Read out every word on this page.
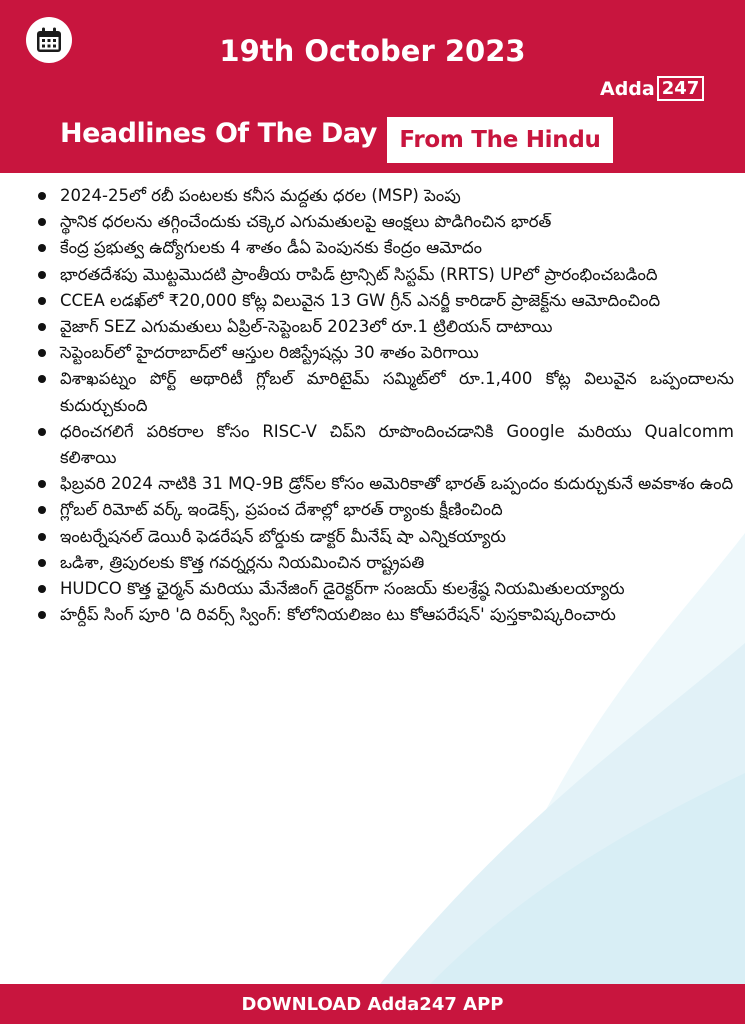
19th October 2023
Adda 247
Headlines Of The Day From The Hindu
2024-25లో రబీ పంటలకు కనీస మద్దతు ధరల (MSP) పెంపు
స్థానిక ధరలను తగ్గించేందుకు చక్కెర ఎగుమతులపై ఆంక్షలు పొడిగించిన భారత్
కేంద్ర ప్రభుత్వ ఉద్యోగులకు 4 శాతం డీఏ పెంపునకు కేంద్రం ఆమోదం
భారతదేశపు మొట్టమొదటి ప్రాంతీయ రాపిడ్ ట్రాన్సిట్ సిస్టమ్ (RRTS) UPలో ప్రారంభించబడింది
CCEA లడఖ్‌లో ₹20,000 కోట్ల విలువైన 13 GW గ్రీన్ ఎనర్జీ కారిడార్ ప్రాజెక్ట్‌ను ఆమోదించింది
వైజాగ్ SEZ ఎగుమతులు ఏప్రిల్-సెప్టెంబర్ 2023లో రూ.1 ట్రిలియన్ దాటాయి
సెప్టెంబర్‌లో హైదరాబాద్‌లో ఆస్తుల రిజిస్ట్రేషన్లు 30 శాతం పెరిగాయి
విశాఖపట్నం పోర్ట్ అథారిటీ గ్లోబల్ మారిటైమ్ సమ్మిట్‌లో రూ.1,400 కోట్ల విలువైన ఒప్పందాలను కుదుర్చుకుంది
ధరించగలిగే పరికరాల కోసం RISC-V చిప్‌ని రూపొందించడానికి Google మరియు Qualcomm కలిశాయి
ఫిబ్రవరి 2024 నాటికి 31 MQ-9B డ్రోన్‌ల కోసం అమెరికాతో భారత్ ఒప్పందం కుదుర్చుకునే అవకాశం ఉంది
గ్లోబల్ రిమోట్ వర్క్ ఇండెక్స్, ప్రపంచ దేశాల్లో భారత్ ర్యాంకు క్షీణించింది
ఇంటర్నేషనల్ డెయిరీ ఫెడరేషన్ బోర్డుకు డాక్టర్ మీనేష్ షా ఎన్నికయ్యారు
ఒడిశా, త్రిపురలకు కొత్త గవర్నర్లను నియమించిన రాష్ట్రపతి
HUDCO కొత్త ఛైర్మన్ మరియు మేనేజింగ్ డైరెక్టర్‌గా సంజయ్ కులశ్రేష్ఠ నియమితులయ్యారు
హర్దీప్ సింగ్ పూరి 'ది రివర్స్ స్వింగ్: కోలోనియలిజం టు కోఆపరేషన్' పుస్తకావిష్కరించారు
DOWNLOAD Adda247 APP
